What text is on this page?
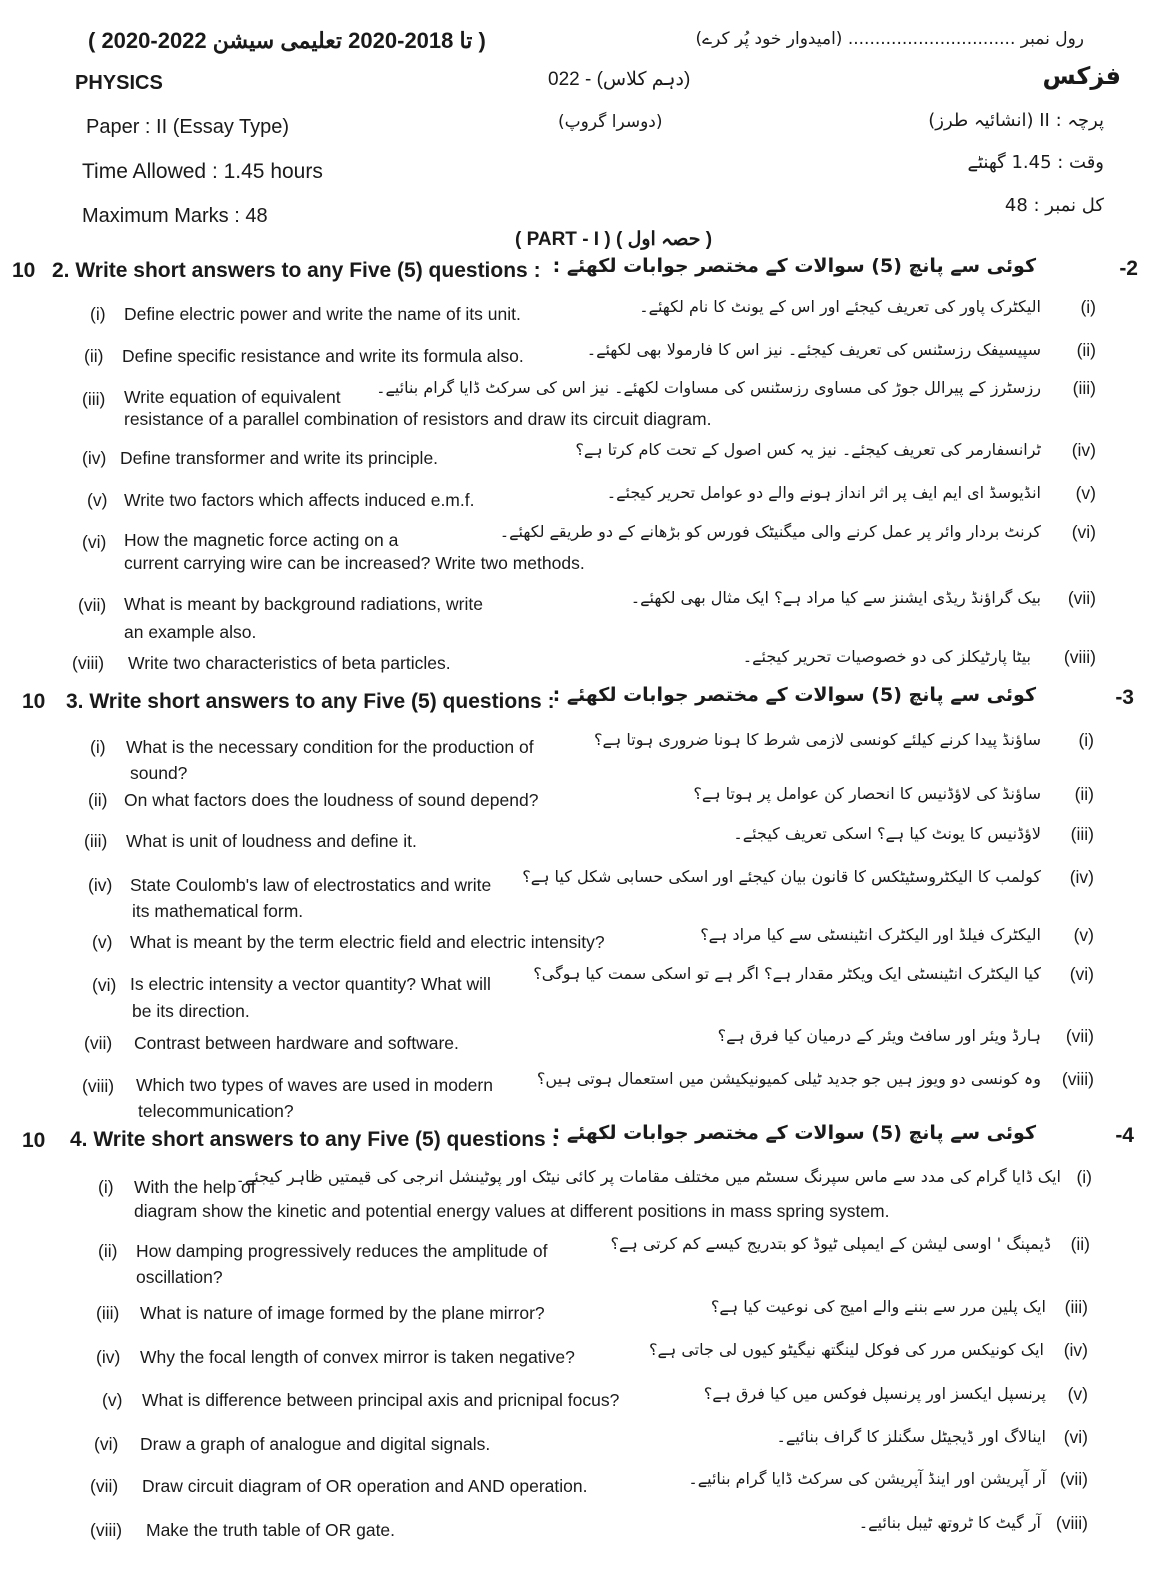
( 2020-2022 تا 2018-2020 تعلیمی سیشن )	رول نمبر ............................... (امیدوار خود پُر کرے)
PHYSICS	022 - (دہم کلاس)	فزکس
Paper : II (Essay Type)	(دوسرا گروپ)	پرچہ : II (انشائیہ طرز)
Time Allowed : 1.45 hours	وقت : 1.45 گھنٹے
Maximum Marks : 48	کل نمبر : 48
( PART - I ) ( حصہ اول )
10 2. Write short answers to any Five (5) questions : کوئی سے پانچ (5) سوالات کے مختصر جوابات لکھئے :	-2
(i) Define electric power and write the name of its unit.	الیکٹرک پاور کی تعریف کیجئے اور اس کے یونٹ کا نام لکھئے۔ (i)
(ii) Define specific resistance and write its formula also.	سپیسیفک رزسٹنس کی تعریف کیجئے۔ نیز اس کا فارمولا بھی لکھئے۔ (ii)
(iii) Write equation of equivalent
resistance of a parallel combination of resistors and draw its circuit diagram.
رزسٹرز کے پیرالل جوڑ کی مساوی رزسٹنس کی مساوات لکھئے۔ نیز اس کی سرکٹ ڈایا گرام بنائیے۔ (iii)
(iv) Define transformer and write its principle.	ٹرانسفارمر کی تعریف کیجئے۔ نیز یہ کس اصول کے تحت کام کرتا ہے؟ (iv)
(v) Write two factors which affects induced e.m.f.	انڈیوسڈ ای ایم ایف پر اثر انداز ہونے والے دو عوامل تحریر کیجئے۔ (v)
(vi) How the magnetic force acting on a
current carrying wire can be increased? Write two methods.
کرنٹ بردار وائر پر عمل کرنے والی میگنیٹک فورس کو بڑھانے کے دو طریقے لکھئے۔ (vi)
(vii) What is meant by background radiations, write
an example also.
بیک گراؤنڈ ریڈی ایشنز سے کیا مراد ہے؟ ایک مثال بھی لکھئے۔ (vii)
(viii) Write two characteristics of beta particles.	بیٹا پارٹیکلز کی دو خصوصیات تحریر کیجئے۔ (viii)
10 3. Write short answers to any Five (5) questions :
کوئی سے پانچ (5) سوالات کے مختصر جوابات لکھئے :	-3
(i) What is the necessary condition for the production of
sound?
ساؤنڈ پیدا کرنے کیلئے کونسی لازمی شرط کا ہونا ضروری ہوتا ہے؟ (i)
(ii) On what factors does the loudness of sound depend?	ساؤنڈ کی لاؤڈنیس کا انحصار کن عوامل پر ہوتا ہے؟ (ii)
(iii) What is unit of loudness and define it.	لاؤڈنیس کا یونٹ کیا ہے؟ اسکی تعریف کیجئے۔ (iii)
(iv) State Coulomb's law of electrostatics and write
its mathematical form.
کولمب کا الیکٹروسٹیٹکس کا قانون بیان کیجئے اور اسکی حسابی شکل کیا ہے؟ (iv)
(v) What is meant by the term electric field and electric intensity?	الیکٹرک فیلڈ اور الیکٹرک انٹینسٹی سے کیا مراد ہے؟ (v)
(vi) Is electric intensity a vector quantity? What will
be its direction.
کیا الیکٹرک انٹینسٹی ایک ویکٹر مقدار ہے؟ اگر ہے تو اسکی سمت کیا ہوگی؟ (vi)
(vii) Contrast between hardware and software.	ہارڈ ویئر اور سافٹ ویئر کے درمیان کیا فرق ہے؟ (vii)
(viii) Which two types of waves are used in modern
telecommunication?
وہ کونسی دو ویوز ہیں جو جدید ٹیلی کمیونیکیشن میں استعمال ہوتی ہیں؟ (viii)
10 4. Write short answers to any Five (5) questions :
کوئی سے پانچ (5) سوالات کے مختصر جوابات لکھئے :	-4
(i) With the help of
diagram show the kinetic and potential energy values at different positions in mass spring system.
ایک ڈایا گرام کی مدد سے ماس سپرنگ سسٹم میں مختلف مقامات پر کائی نیٹک اور پوٹینشل انرجی کی قیمتیں ظاہر کیجئے۔ (i)
(ii) How damping progressively reduces the amplitude of
oscillation?
ڈیمپنگ ' اوسی لیشن کے ایمپلی ٹیوڈ کو بتدریج کیسے کم کرتی ہے؟ (ii)
(iii) What is nature of image formed by the plane mirror?	ایک پلین مرر سے بننے والے امیج کی نوعیت کیا ہے؟ (iii)
(iv) Why the focal length of convex mirror is taken negative?	ایک کونیکس مرر کی فوکل لینگتھ نیگیٹو کیوں لی جاتی ہے؟ (iv)
(v) What is difference between principal axis and pricnipal focus?	پرنسپل ایکسز اور پرنسپل فوکس میں کیا فرق ہے؟ (v)
(vi) Draw a graph of analogue and digital signals.	اینالاگ اور ڈیجیٹل سگنلز کا گراف بنائیے۔ (vi)
(vii) Draw circuit diagram of OR operation and AND operation.	آر آپریشن اور اینڈ آپریشن کی سرکٹ ڈایا گرام بنائیے۔ (vii)
(viii) Make the truth table of OR gate.	آر گیٹ کا ٹروتھ ٹیبل بنائیے۔ (viii)
